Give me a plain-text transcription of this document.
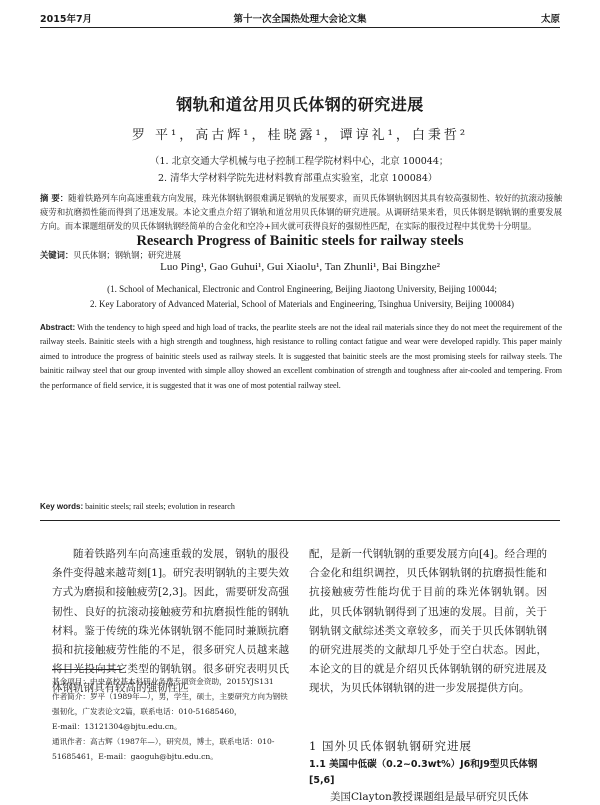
2015年7月	第十一次全国热处理大会论文集	太原
钢轨和道岔用贝氏体钢的研究进展
罗 平¹，高古辉¹，桂晓露¹，谭谆礼¹，白秉哲²
（1. 北京交通大学机械与电子控制工程学院材料中心，北京 100044；
2. 清华大学材料学院先进材料教育部重点实验室，北京 100084）
摘 要：随着铁路列车向高速重载方向发展，珠光体钢轨钢很难满足钢轨的发展要求，而贝氏体钢轨钢因其具有较高强韧性、较好的抗滚动接触疲劳和抗磨损性能而得到了迅速发展。本论文重点介绍了钢轨和道岔用贝氏体钢的研究进展。从调研结果来看，贝氏体钢是钢轨钢的重要发展方向。而本课题组研发的贝氏体钢轨钢经简单的合金化和空冷+回火就可获得良好的强韧性匹配，在实际的服役过程中其优势十分明显。
关键词：贝氏体钢；钢轨钢；研究进展
Research Progress of Bainitic steels for railway steels
Luo Ping¹, Gao Guhui¹, Gui Xiaolu¹, Tan Zhunli¹, Bai Bingzhe²
(1. School of Mechanical, Electronic and Control Engineering, Beijing Jiaotong University, Beijing 100044;
2. Key Laboratory of Advanced Material, School of Materials and Engineering, Tsinghua University, Beijing 100084)
Abstract: With the tendency to high speed and high load of tracks, the pearlite steels are not the ideal rail materials since they do not meet the requirement of the railway steels. Bainitic steels with a high strength and toughness, high resistance to rolling contact fatigue and wear were developed rapidly. This paper mainly aimed to introduce the progress of bainitic steels used as railway steels. It is suggested that bainitic steels are the most promising steels for railway steels. The bainitic railway steel that our group invented with simple alloy showed an excellent combination of strength and toughness after air-cooled and tempering. From the performance of field service, it is suggested that it was one of most potential railway steel.
Key words: bainitic steels; rail steels; evolution in research
随着铁路列车向高速重载的发展，钢轨的服役条件变得越来越苛刻[1]。研究表明钢轨的主要失效方式为磨损和接触疲劳[2,3]。因此，需要研发高强韧性、良好的抗滚动接触疲劳和抗磨损性能的钢轨材料。鉴于传统的珠光体钢轨钢不能同时兼顾抗磨损和抗接触疲劳性能的不足，很多研究人员越来越将目光投向其它类型的钢轨钢。很多研究表明贝氏体钢轨钢具有较高的强韧性匹

基金项目：中央高校基本科研业务费专项资金资助，2015YJS131

作者简介：罗平（1989年—），男，学生，硕士，主要研究方向为钢铁强韧化，广发表论文2篇，联系电话：010-51685460，

E-mail：13121304@bjtu.edu.cn。

通讯作者：高古辉（1987年—），研究员，博士，联系电话：010-51685461，E-mail：gaoguh@bjtu.edu.cn。

配，是新一代钢轨钢的重要发展方向[4]。经合理的合金化和组织调控，贝氏体钢轨钢的抗磨损性能和抗接触疲劳性能均优于目前的珠光体钢轨钢。因此，贝氏体钢轨钢得到了迅速的发展。目前，关于钢轨钢文献综述类文章较多，而关于贝氏体钢轨钢的研究进展类的文献却几乎处于空白状态。因此，本论文的目的就是介绍贝氏体钢轨钢的研究进展及现状，为贝氏体钢轨钢的进一步发展提供方向。
1 国外贝氏体钢轨钢研究进展
1.1 美国中低碳（0.2~0.3wt%）J6和J9型贝氏体钢[5,6]
美国Clayton教授课题组是最早研究贝氏体
